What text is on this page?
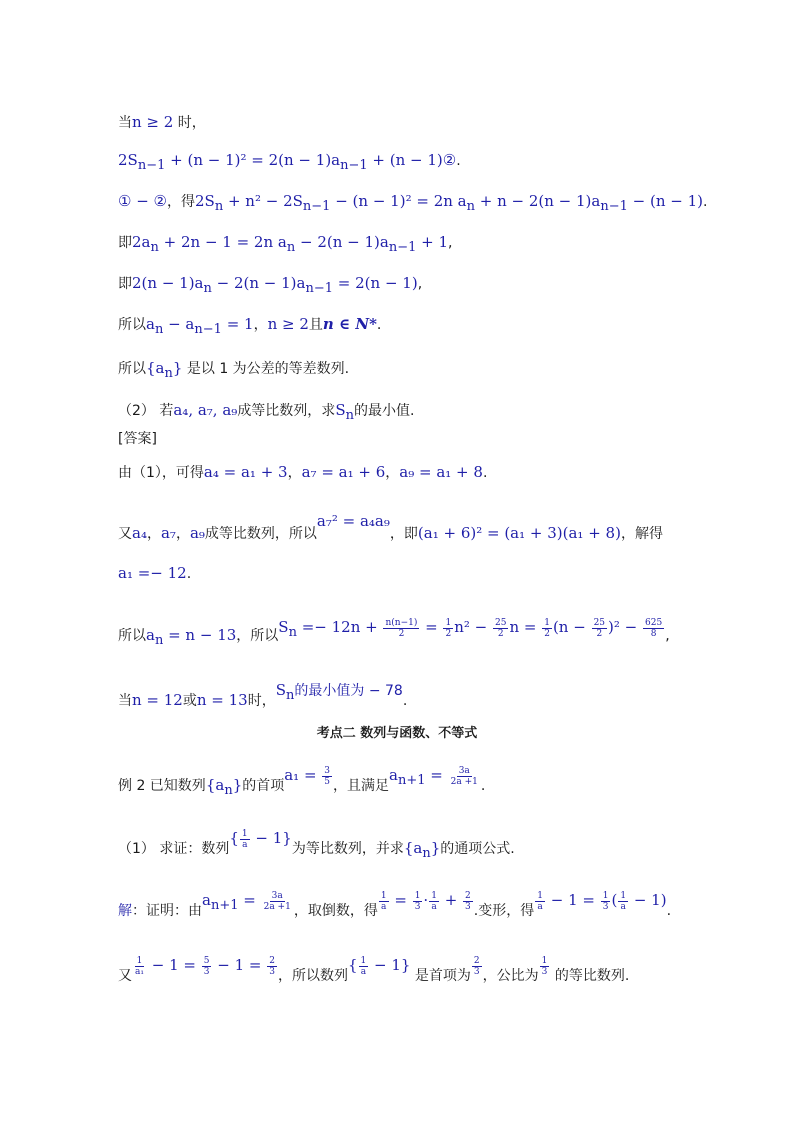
当n ≥ 2 时，
$2S_{n-1} + (n - 1)^2 = 2(n - 1)a_{n-1} + (n$ − 1)②.
① − ②，得$2S_n + n^2 - 2S_{n-1} - (n - 1)^2 = 2n$ $a_n + n - 2(n - 1)a_{n-1} - (n - 1)$.
即$2a_n + 2n - 1 = 2n$ $a_n - 2(n - 1)a_{n-1} + 1$,
即$2(n - 1)a_n - 2(n - 1)a_{n-1} = 2(n - 1)$,
所以$a_n - a_{n-1} = 1$，n ≥ 2且n ∈ N*.
所以$\{a_n\}$ 是以 1 为公差的等差数列.
（2） 若a₄, a₇, a₉成等比数列，求$S_n$的最小值.
[答案]
由（1），可得a₄ = a₁ + 3，a₇ = a₁ + 6，a₉ = a₁ + 8.
又a₄，a₇，a₉成等比数列，所以a₇² = a₄a₉，即(a₁ + 6)² = (a₁ + 3)(a₁ + 8)，解得
a₁ =− 12.
所以$a_n = n - 13$，所以$S_n =- 12n + \frac{n(n-1)}{2} = \frac{1}{2} n^2 - \frac{25}{2}$ $n = \frac{1}{2} (n - \frac{25}{2} )^2 - \frac{625}{8}$ ,
当n = 12或n = 13时，$S_n$的最小值为 − 78.
考点二 数列与函数、不等式
例 2 已知数列$\{a_n\}$的首项$a_1 = \frac{3}{5}$ ，且满足$a_{n+1} = \frac{3a}{2a +1}$ .
（1） 求证：数列{ $\frac{1}{a} - 1$}为等比数列，并求$\{a_n\}$的通项公式.
解：证明：由$a_{n+1} = \frac{3a}{2a +1}$ ，取倒数，得 $\frac{1}{a} = \frac{1}{3} \cdot \frac{1}{a} + \frac{2}{3}$ .变形，得 $\frac{1}{a} - 1 = \frac{1}{3}$ ( $\frac{1}{a} - 1$).
又 $\frac{1}{\text{a₁}} - 1 = \frac{5}{3} - 1 = \frac{2}{3}$ ，所以数列{ $\frac{1}{a} - 1$} 是首项为 $\frac{2}{3}$ ，公比为 $\frac{1}{3}$ 的等比数列.
